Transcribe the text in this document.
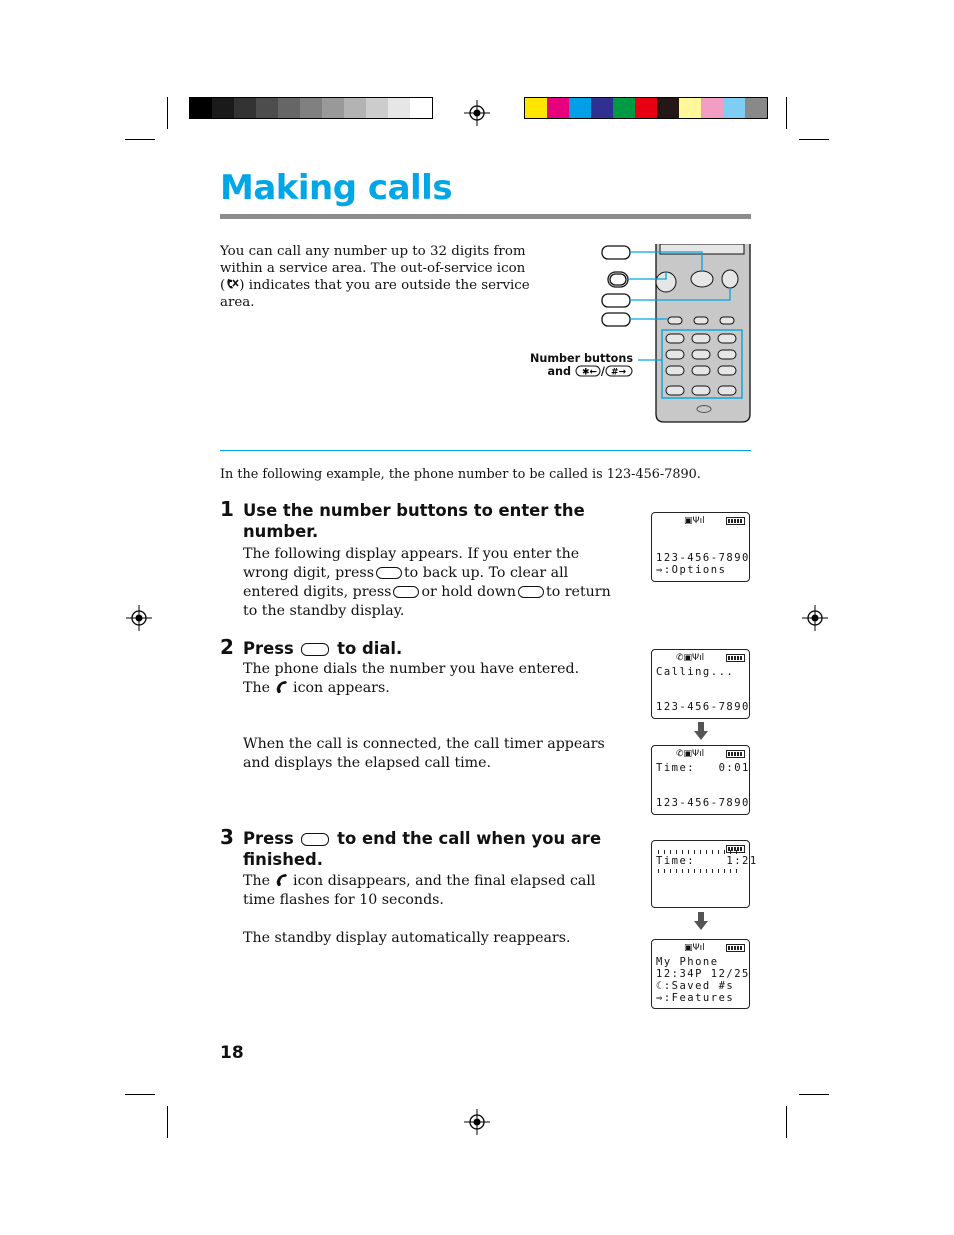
Making calls
You can call any number up to 32 digits from within a service area. The out-of-service icon ( ) indicates that you are outside the service area.
Number buttons
and ✱← / #→
In the following example, the phone number to be called is 123-456-7890.
1 Use the number buttons to enter the number.
The following display appears. If you enter the wrong digit, press to back up. To clear all entered digits, press or hold down to return to the standby display.
▣Ψıl
123-456-7890
⇒:Options
2 Press	to dial.
The phone dials the number you have entered.
The icon appears.
When the call is connected, the call timer appears and displays the elapsed call time.
✆▣Ψıl
Calling...
123-456-7890
✆▣Ψıl
Time:   0:01
123-456-7890
3 Press	to end the call when you are finished.
The icon disappears, and the final elapsed call time flashes for 10 seconds.
The standby display automatically reappears.
Time:    1:21
▣Ψıl
My Phone
12:34P 12/25
☾:Saved #s
⇒:Features
18
